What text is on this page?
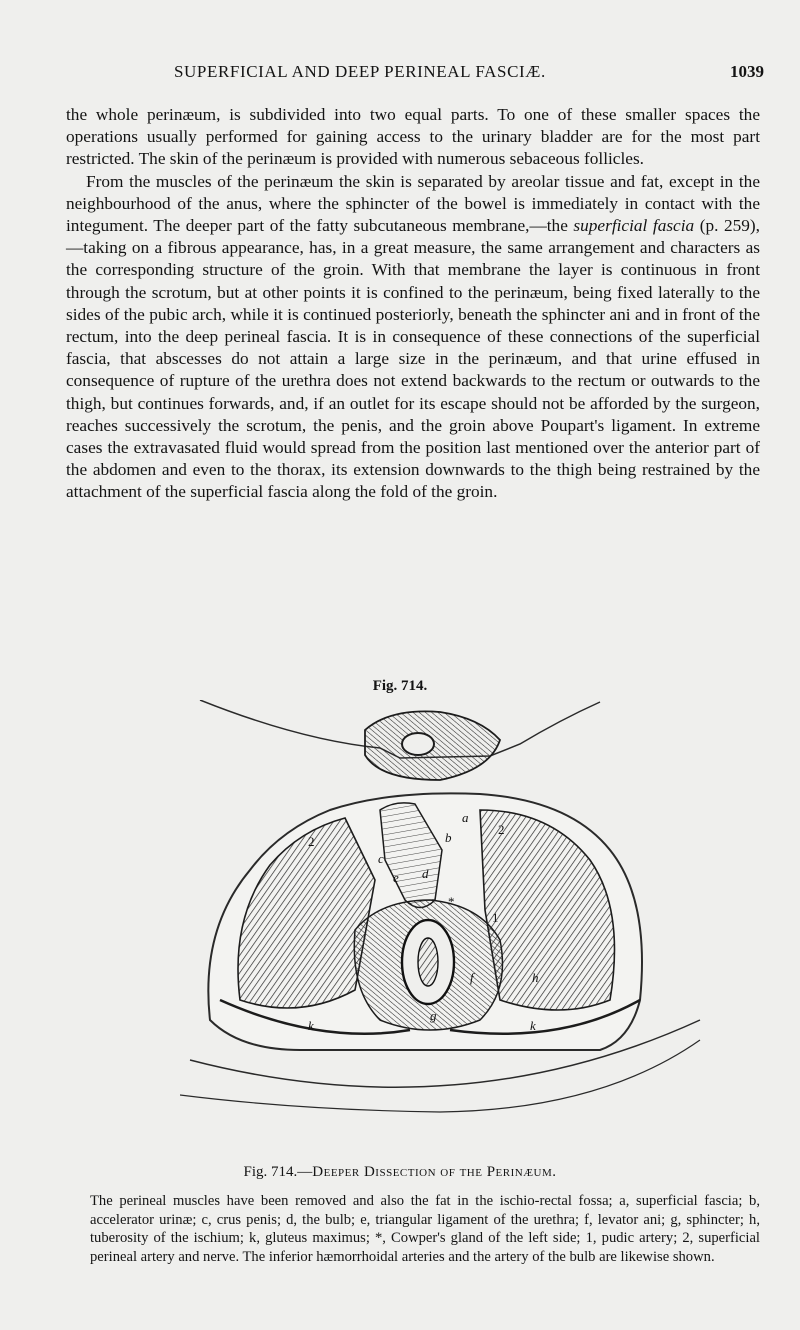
SUPERFICIAL AND DEEP PERINEAL FASCIÆ.	1039

the whole perinæum, is subdivided into two equal parts. To one of these smaller spaces the operations usually performed for gaining access to the urinary bladder are for the most part restricted. The skin of the perinæum is provided with numerous sebaceous follicles.

From the muscles of the perinæum the skin is separated by areolar tissue and fat, except in the neighbourhood of the anus, where the sphincter of the bowel is immediately in contact with the integument. The deeper part of the fatty subcutaneous membrane,—the superficial fascia (p. 259),—taking on a fibrous appearance, has, in a great measure, the same arrangement and characters as the corresponding structure of the groin. With that membrane the layer is continuous in front through the scrotum, but at other points it is confined to the perinæum, being fixed laterally to the sides of the pubic arch, while it is continued posteriorly, beneath the sphincter ani and in front of the rectum, into the deep perineal fascia. It is in consequence of these connections of the superficial fascia, that abscesses do not attain a large size in the perinæum, and that urine effused in consequence of rupture of the urethra does not extend backwards to the rectum or outwards to the thigh, but continues forwards, and, if an outlet for its escape should not be afforded by the surgeon, reaches successively the scrotum, the penis, and the groin above Poupart's ligament. In extreme cases the extravasated fluid would spread from the position last mentioned over the anterior part of the abdomen and even to the thorax, its extension downwards to the thigh being restrained by the attachment of the superficial fascia along the fold of the groin.

Fig. 714.
a
b
c
d
e
f
g
h
k	k
1
2
2
*
Fig. 714.—Deeper Dissection of the Perinæum.
The perineal muscles have been removed and also the fat in the ischio-rectal fossa; a, superficial fascia; b, accelerator urinæ; c, crus penis; d, the bulb; e, triangular ligament of the urethra; f, levator ani; g, sphincter; h, tuberosity of the ischium; k, gluteus maximus; *, Cowper's gland of the left side; 1, pudic artery; 2, superficial perineal artery and nerve. The inferior hæmorrhoidal arteries and the artery of the bulb are likewise shown.
